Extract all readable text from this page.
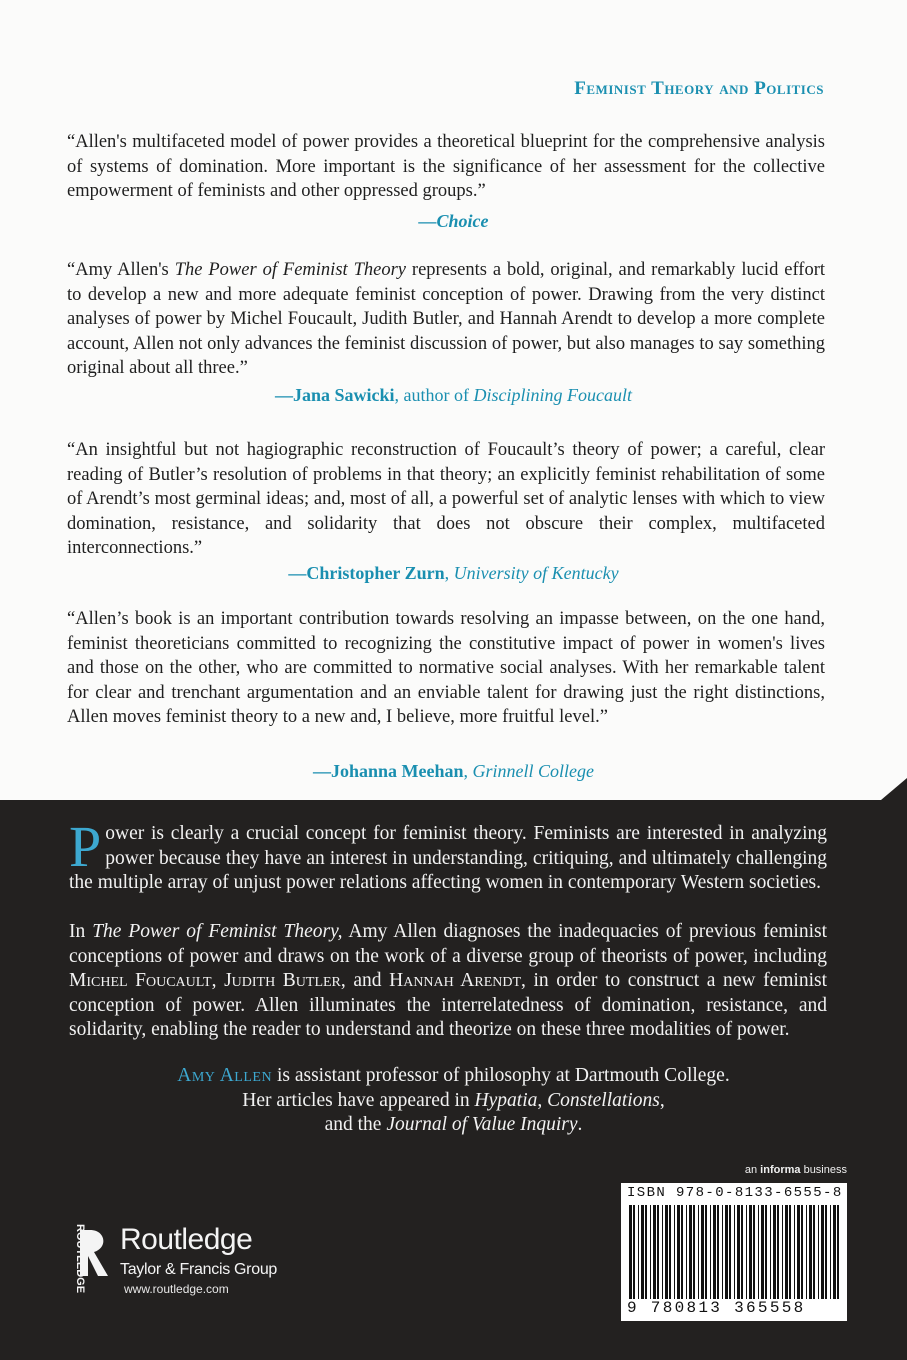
Feminist Theory and Politics
“Allen's multifaceted model of power provides a theoretical blueprint for the comprehensive analysis of systems of domination. More important is the significance of her assessment for the collective empowerment of feminists and other oppressed groups.”
—Choice
“Amy Allen's The Power of Feminist Theory represents a bold, original, and remarkably lucid effort to develop a new and more adequate feminist conception of power. Drawing from the very distinct analyses of power by Michel Foucault, Judith Butler, and Hannah Arendt to develop a more complete account, Allen not only advances the feminist discussion of power, but also manages to say something original about all three.”
—Jana Sawicki, author of Disciplining Foucault
“An insightful but not hagiographic reconstruction of Foucault’s theory of power; a careful, clear reading of Butler’s resolution of problems in that theory; an explicitly feminist rehabilitation of some of Arendt’s most germinal ideas; and, most of all, a powerful set of analytic lenses with which to view domination, resistance, and solidarity that does not obscure their complex, multifaceted interconnections.”
—Christopher Zurn, University of Kentucky
“Allen’s book is an important contribution towards resolving an impasse between, on the one hand, feminist theoreticians committed to recognizing the constitutive impact of power in women's lives and those on the other, who are committed to normative social analyses. With her remarkable talent for clear and trenchant argumentation and an enviable talent for drawing just the right distinctions, Allen moves feminist theory to a new and, I believe, more fruitful level.”
—Johanna Meehan, Grinnell College
Power is clearly a crucial concept for feminist theory. Feminists are interested in analyzing power because they have an interest in understanding, critiquing, and ultimately challenging the multiple array of unjust power relations affecting women in contemporary Western societies.
In The Power of Feminist Theory, Amy Allen diagnoses the inadequacies of previous feminist conceptions of power and draws on the work of a diverse group of theorists of power, including Michel Foucault, Judith Butler, and Hannah Arendt, in order to construct a new feminist conception of power. Allen illuminates the interrelatedness of domination, resistance, and solidarity, enabling the reader to understand and theorize on these three modalities of power.
Amy Allen is assistant professor of philosophy at Dartmouth College.
Her articles have appeared in Hypatia, Constellations,
and the Journal of Value Inquiry.
an informa business
ISBN 978-0-8133-6555-8
9 780813 365558
ROUTLEDGE Routledge
Taylor & Francis Group
www.routledge.com
